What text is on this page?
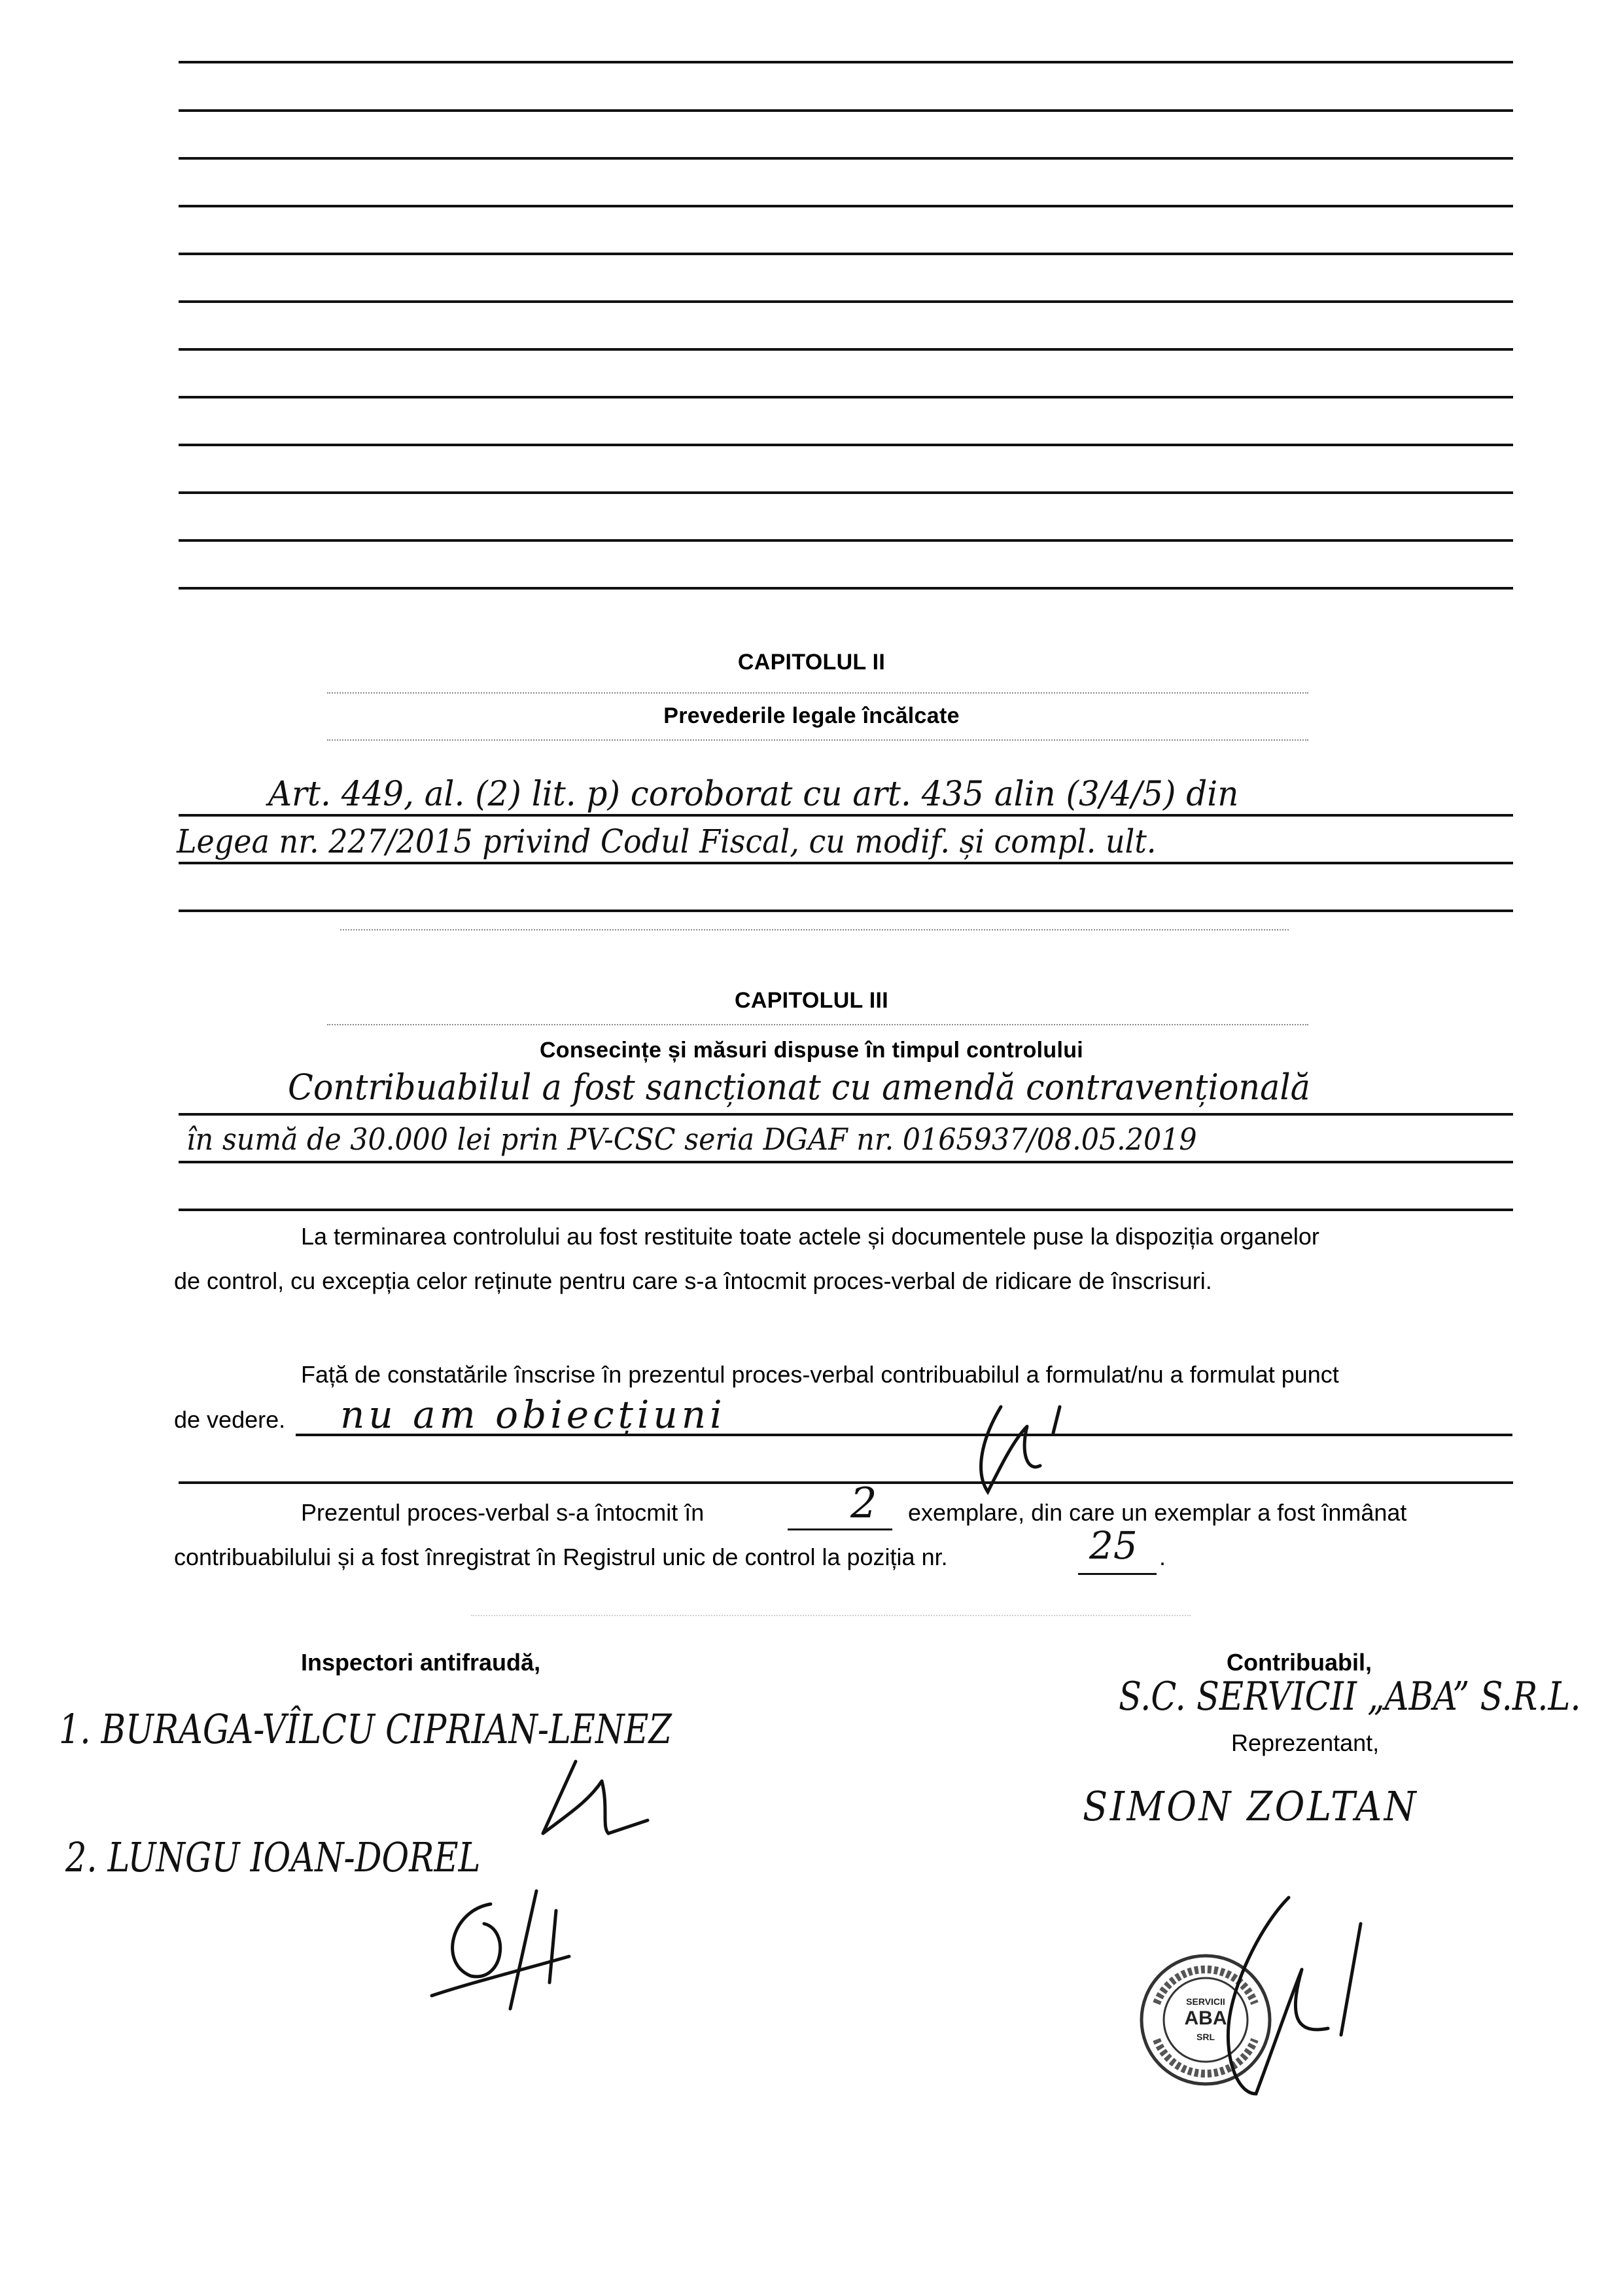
CAPITOLUL II
Prevederile legale încălcate
Art. 449, al. (2) lit. p) coroborat cu art. 435 alin (3/4/5) din
Legea nr. 227/2015 privind Codul Fiscal, cu modif. și compl. ult.
CAPITOLUL III
Consecințe și măsuri dispuse în timpul controlului
Contribuabilul a fost sancționat cu amendă contravențională
în sumă de 30.000 lei prin PV-CSC seria DGAF nr. 0165937/08.05.2019
La terminarea controlului au fost restituite toate actele și documentele puse la dispoziția organelor
de control, cu excepția celor reținute pentru care s-a întocmit proces-verbal de ridicare de înscrisuri.
Față de constatările înscrise în prezentul proces-verbal contribuabilul a formulat/nu a formulat punct
de vedere. nu am obiecțiuni
Prezentul proces-verbal s-a întocmit în	2 exemplare, din care un exemplar a fost înmânat
contribuabilului și a fost înregistrat în Registrul unic de control la poziția nr.	25 .
Inspectori antifraudă,	Contribuabil,
S.C. SERVICII „ABA” S.R.L.
1. BURAGA-VÎLCU CIPRIAN-LENEZ	Reprezentant,
SIMON ZOLTAN
2. LUNGU IOAN-DOREL
SERVICII
ABA
SRL
